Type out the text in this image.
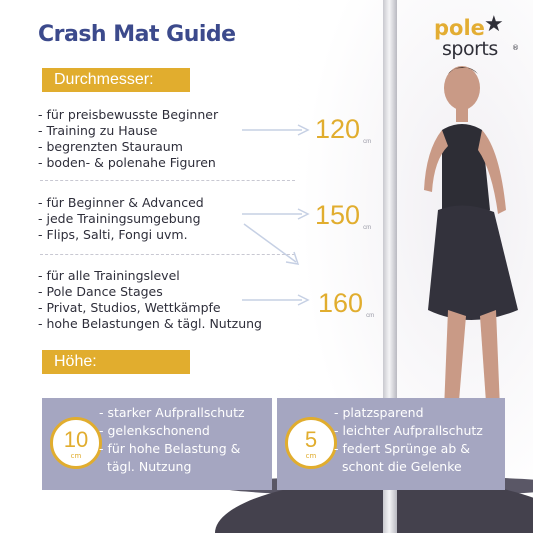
Crash Mat Guide	pole ★
sports ®
Durchmesser:
- für preisbewusste Beginner
- Training zu Hause
- begrenzten Stauraum
- boden- & polenahe Figuren
- für Beginner & Advanced
- jede Trainingsumgebung
- Flips, Salti, Fongi uvm.
- für alle Trainingslevel
- Pole Dance Stages
- Privat, Studios, Wettkämpfe
- hohe Belastungen & tägl. Nutzung
120 cm
150 cm
160 cm
Höhe:
10
cm
- starker Aufprallschutz
- gelenkschonend
- für hohe Belastung &
tägl. Nutzung
5
cm
- platzsparend
- leichter Aufprallschutz
- federt Sprünge ab &
schont die Gelenke
